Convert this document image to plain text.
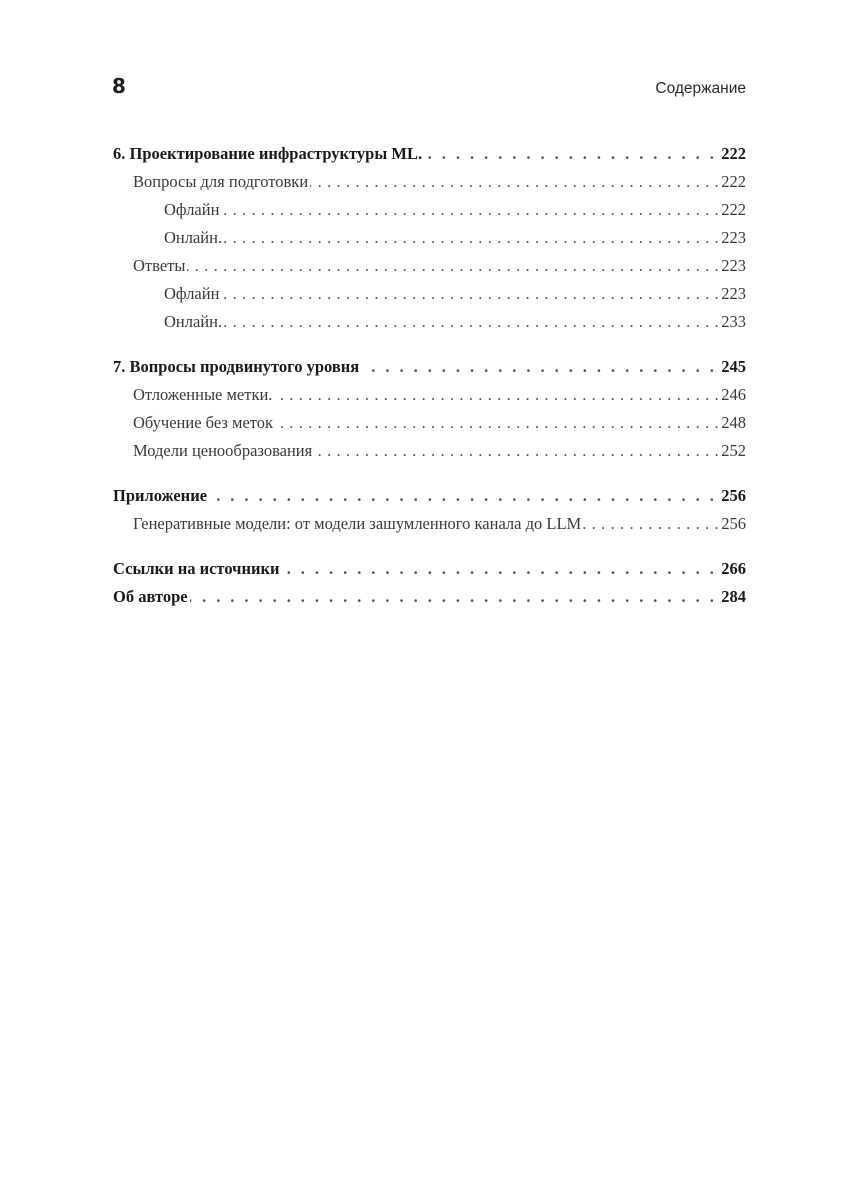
8	Содержание
6. Проектирование инфраструктуры ML. . .	222
Вопросы для подготовки . . .	222
Офлайн . . .	222
Онлайн. . . .	223
Ответы . . .	223
Офлайн . . .	223
Онлайн. . . .	233
7. Вопросы продвинутого уровня . .	245
Отложенные метки. . . .	246
Обучение без меток . . .	248
Модели ценообразования . . .	252
Приложение . .	256
Генеративные модели: от модели зашумленного канала до LLM . . .	256
Ссылки на источники . .	266
Об авторе . .	284
